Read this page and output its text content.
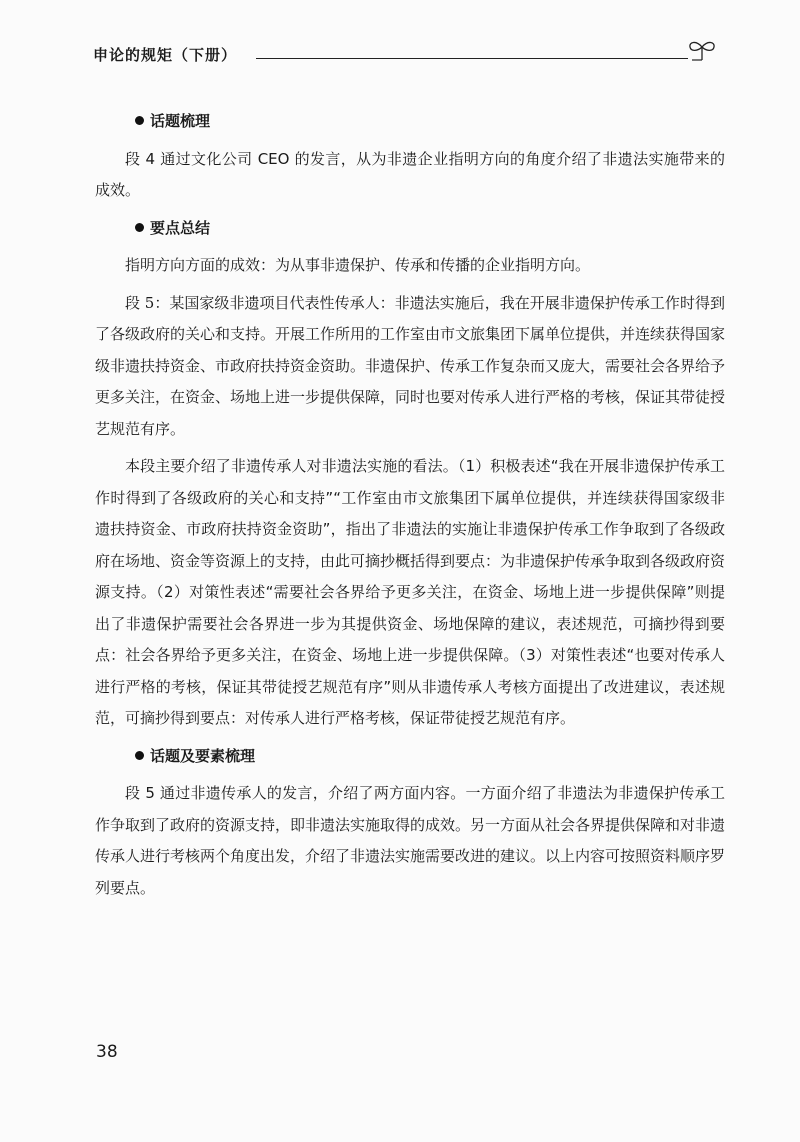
申论的规矩（下册）

话题梳理

段 4 通过文化公司 CEO 的发言，从为非遗企业指明方向的角度介绍了非遗法实施带来的成效。

要点总结

指明方向方面的成效：为从事非遗保护、传承和传播的企业指明方向。

段 5：某国家级非遗项目代表性传承人：非遗法实施后，我在开展非遗保护传承工作时得到了各级政府的关心和支持。开展工作所用的工作室由市文旅集团下属单位提供，并连续获得国家级非遗扶持资金、市政府扶持资金资助。非遗保护、传承工作复杂而又庞大，需要社会各界给予更多关注，在资金、场地上进一步提供保障，同时也要对传承人进行严格的考核，保证其带徒授艺规范有序。

本段主要介绍了非遗传承人对非遗法实施的看法。（1）积极表述“我在开展非遗保护传承工作时得到了各级政府的关心和支持”“工作室由市文旅集团下属单位提供，并连续获得国家级非遗扶持资金、市政府扶持资金资助”，指出了非遗法的实施让非遗保护传承工作争取到了各级政府在场地、资金等资源上的支持，由此可摘抄概括得到要点：为非遗保护传承争取到各级政府资源支持。（2）对策性表述“需要社会各界给予更多关注，在资金、场地上进一步提供保障”则提出了非遗保护需要社会各界进一步为其提供资金、场地保障的建议，表述规范，可摘抄得到要点：社会各界给予更多关注，在资金、场地上进一步提供保障。（3）对策性表述“也要对传承人进行严格的考核，保证其带徒授艺规范有序”则从非遗传承人考核方面提出了改进建议，表述规范，可摘抄得到要点：对传承人进行严格考核，保证带徒授艺规范有序。

话题及要素梳理

段 5 通过非遗传承人的发言，介绍了两方面内容。一方面介绍了非遗法为非遗保护传承工作争取到了政府的资源支持，即非遗法实施取得的成效。另一方面从社会各界提供保障和对非遗传承人进行考核两个角度出发，介绍了非遗法实施需要改进的建议。以上内容可按照资料顺序罗列要点。

38
